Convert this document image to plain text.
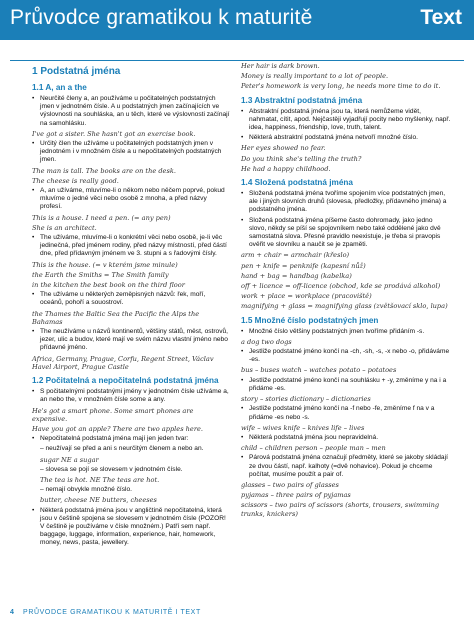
Průvodce gramatikou k maturitě	Text
1 Podstatná jména
1.1 A, an a the
• Neurčité členy a, an používáme u počitatelných podstatných jmen v jednotném čísle. A u podstatných jmen začínajících ve výslovnosti na souhláska, an u těch, které ve výslovnosti začínají na samohlásku.
I've got a sister. She hasn't got an exercise book.
• Určitý člen the užíváme u počitatelných podstatných jmen v jednotném i v množném čísle a u nepočitatelných podstatných jmen.
The man is tall. The books are on the desk.
The cheese is really good.
• A, an užíváme, mluvíme-li o někom nebo něčem poprvé, pokud mluvíme o jedné věci nebo osobě z mnoha, a před názvy profesí.
This is a house. I need a pen. (= any pen)
She is an architect.
• The užíváme, mluvíme-li o konkrétní věci nebo osobě, je-li věc jedinečná, před jménem rodiny, před názvy místností, před částí dne, před přídavným jménem ve 3. stupni a s řadovými čísly.
This is the house. (= v kterém jsme minule)
the Earth the Smiths = The Smith family
in the kitchen the best book on the third floor
• The užíváme u některých zeměpisných názvů: řek, moří, oceánů, pohoří a souostroví.
the Thames the Baltic Sea the Pacific the Alps the Bahamas
• The neužíváme u názvů kontinentů, většiny států, měst, ostrovů, jezer, ulic a budov, které mají ve svém názvu vlastní jméno nebo přídavné jméno.
Africa, Germany, Prague, Corfu, Regent Street, Václav Havel Airport, Prague Castle
1.2 Počitatelná a nepočitatelná podstatná jména
• S počitatelnými podstatnými jmény v jednotném čísle užíváme a, an nebo the, v množném čísle some a any.
He's got a smart phone. Some smart phones are expensive.
Have you got an apple? There are two apples here.
• Nepočitatelná podstatná jména mají jen jeden tvar:
– neužívají se před a ani s neurčitým členem a nebo an.
sugar NE a sugar
– slovesa se pojí se slovesem v jednotném čísle.
The tea is hot. NE The teas are hot.
– nemají obvykle množné číslo.
butter, cheese NE butters, cheeses
• Některá podstatná jména jsou v angličtině nepočitatelná, která jsou v češtině spojena se slovesem v jednotném čísle (POZOR! V češtině je používáme v čísle množném.) Patří sem např. baggage, luggage, information, experience, hair, homework, money, news, pasta, jewellery.
Her hair is dark brown.
Money is really important to a lot of people.
Peter's homework is very long, he needs more time to do it.
1.3 Abstraktní podstatná jména
• Abstraktní podstatná jména jsou ta, která nemůžeme vidět, nahmatat, cítit, apod. Nejčastěji vyjadřují pocity nebo myšlenky, např. idea, happiness, friendship, love, truth, talent.
• Některá abstraktní podstatná jména netvoří množné číslo.
Her eyes showed no fear.
Do you think she's telling the truth?
He had a happy childhood.
1.4 Složená podstatná jména
• Složená podstatná jména tvoříme spojením více podstatných jmen, ale i jiných slovních druhů (slovesa, předložky, přídavného jména) a podstatného jména.
• Složená podstatná jména píšeme často dohromady, jako jedno slovo, někdy se píší se spojovníkem nebo také oddělené jako dvě samostatná slova. Přesné pravidlo neexistuje, je třeba si pravopis ověřit ve slovníku a naučit se je zpaměti.
arm + chair = armchair (křeslo)
pen + knife = penknife (kapesní nůž)
hand + bag = handbag (kabelka)
off + licence = off-licence (obchod, kde se prodává alkohol)
work + place = workplace (pracoviště)
magnifying + glass = magnifying glass (zvětšovací sklo, lupa)
1.5 Množné číslo podstatných jmen
• Množné číslo většiny podstatných jmen tvoříme přidáním -s.
a dog two dogs
• Jestliže podstatné jméno končí na -ch, -sh, -s, -x nebo -o, přidáváme -es.
bus – buses watch – watches potato – potatoes
• Jestliže podstatné jméno končí na souhlásku + -y, změníme y na i a přidáme -es.
story – stories dictionary – dictionaries
• Jestliže podstatné jméno končí na -f nebo -fe, změníme f na v a přidáme -es nebo -s.
wife – wives knife – knives life – lives
• Některá podstatná jména jsou nepravidelná.
child – children person – people man – men
• Párová podstatná jména označují předměty, které se jakoby skládají ze dvou částí, např. kalhoty (=dvě nohavice). Pokud je chceme počítat, musíme použít a pair of.
glasses – two pairs of glasses
pyjamas – three pairs of pyjamas
scissors – two pairs of scissors (shorts, trousers, swimming trunks, knickers)
4 PRŮVODCE GRAMATIKOU K MATURITĚ I TEXT
